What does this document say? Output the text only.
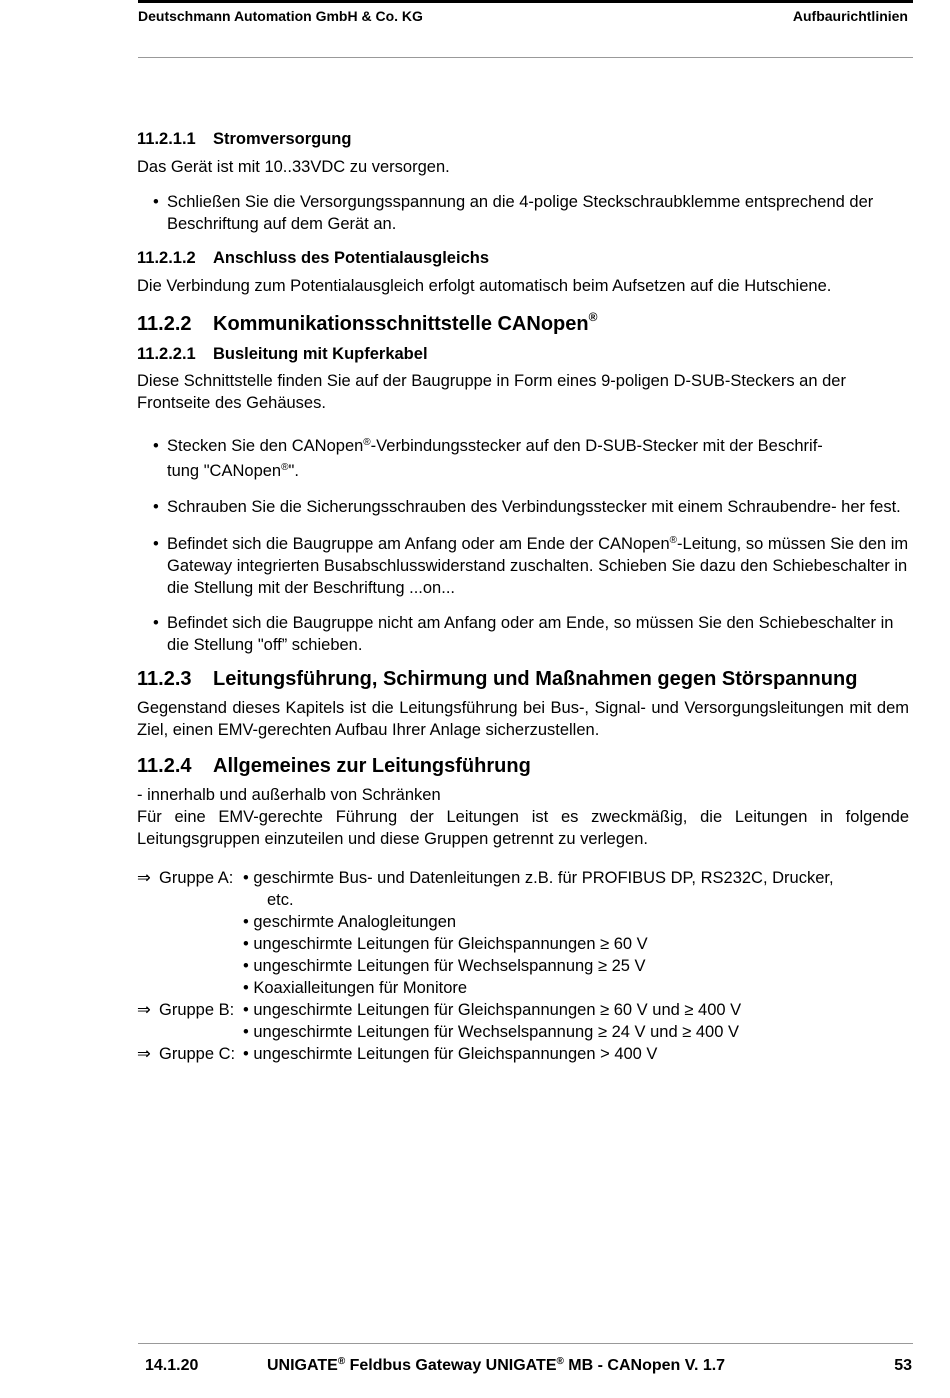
Deutschmann Automation GmbH & Co. KG	Aufbaurichtlinien
11.2.1.1 Stromversorgung

Das Gerät ist mit 10..33VDC zu versorgen.

• Schließen Sie die Versorgungsspannung an die 4-polige Steckschraubklemme entsprechend der Beschriftung auf dem Gerät an.

11.2.1.2 Anschluss des Potentialausgleichs

Die Verbindung zum Potentialausgleich erfolgt automatisch beim Aufsetzen auf die Hutschiene.

11.2.2 Kommunikationsschnittstelle CANopen®
11.2.2.1 Busleitung mit Kupferkabel

Diese Schnittstelle finden Sie auf der Baugruppe in Form eines 9-poligen D-SUB-Steckers an der Frontseite des Gehäuses.

• Stecken Sie den CANopen®-Verbindungsstecker auf den D-SUB-Stecker mit der Beschrif-
tung "CANopen®".

• Schrauben Sie die Sicherungsschrauben des Verbindungsstecker mit einem Schraubendre- her fest.

• Befindet sich die Baugruppe am Anfang oder am Ende der CANopen®-Leitung, so müssen Sie den im Gateway integrierten Busabschlusswiderstand zuschalten. Schieben Sie dazu den Schiebeschalter in die Stellung mit der Beschriftung ...on...

• Befindet sich die Baugruppe nicht am Anfang oder am Ende, so müssen Sie den Schiebeschalter in die Stellung "off” schieben.

11.2.3 Leitungsführung, Schirmung und Maßnahmen gegen Störspannung

Gegenstand dieses Kapitels ist die Leitungsführung bei Bus-, Signal- und Versorgungsleitungen mit dem Ziel, einen EMV-gerechten Aufbau Ihrer Anlage sicherzustellen.

11.2.4 Allgemeines zur Leitungsführung

- innerhalb und außerhalb von Schränken

Für eine EMV-gerechte Führung der Leitungen ist es zweckmäßig, die Leitungen in folgende Leitungsgruppen einzuteilen und diese Gruppen getrennt zu verlegen.

⇒ Gruppe A: • geschirmte Bus- und Datenleitungen z.B. für PROFIBUS DP, RS232C, Drucker,
etc.
• geschirmte Analogleitungen
• ungeschirmte Leitungen für Gleichspannungen ≥ 60 V
• ungeschirmte Leitungen für Wechselspannung ≥ 25 V
• Koaxialleitungen für Monitore
⇒ Gruppe B: • ungeschirmte Leitungen für Gleichspannungen ≥ 60 V und ≥ 400 V
• ungeschirmte Leitungen für Wechselspannung ≥ 24 V und ≥ 400 V
⇒ Gruppe C: • ungeschirmte Leitungen für Gleichspannungen > 400 V
14.1.20	UNIGATE® Feldbus Gateway UNIGATE® MB - CANopen V. 1.7	53
